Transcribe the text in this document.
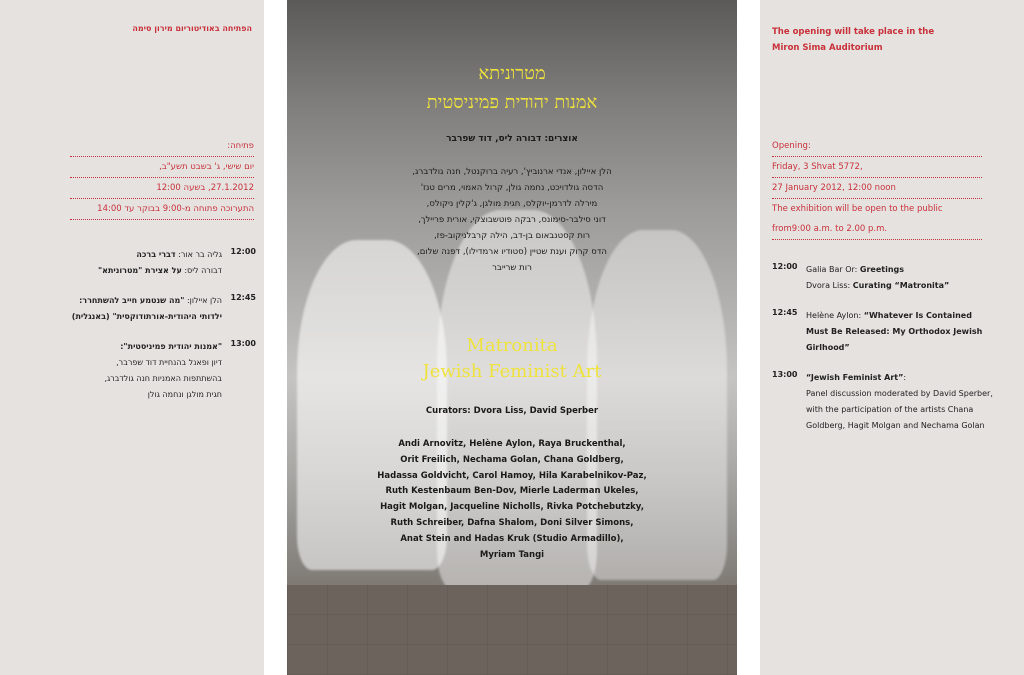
הפתיחה באודיטוריום מירון סימה
פתיחה:
יום שישי, ג' בשבט תשע"ב,
27.1.2012, בשעה 12:00
התערוכה פתוחה מ-9:00 בבוקר עד 14:00
12:00
גליה בר אור: דברי ברכה
דבורה ליס: על אצירת "מטרוניתא"
12:45
הלן איילון: "מה שנטמע חייב להשתחרר:
ילדותי היהודית-אורתודוקסית" (באנגלית)
13:00
"אמנות יהודית פמיניסטית":
דיון ופאנל בהנחיית דוד שפרבר,
בהשתתפות האמניות חנה גולדברג,
חגית מולגן ונחמה גולן
מטרוניתא
אמנות יהודית פמיניסטית
אוצרים: דבורה ליס, דוד שפרבר
הלן איילון, אנדי ארנוביץ', רעיה ברוקנטל, חנה גולדברג,
הדסה גולדויכט, נחמה גולן, קרול האמוי, מרים טנז'
מירלה לדרמן-יוקלס, חגית מולגן, ג'קלין ניקולס,
דוני סילבר-סימונס, רבקה פוטשבוצקי, אורית פריילך,
רות קסטנבאום בן-דב, הילה קרבלניקוב-פז,
הדס קרוק וענת שטיין (סטודיו ארמדילו), דפנה שלום,
רות שרייבר
Matronita
Jewish Feminist Art
Curators: Dvora Liss, David Sperber
Andi Arnovitz, Helène Aylon, Raya Bruckenthal,
Orit Freilich, Nechama Golan, Chana Goldberg,
Hadassa Goldvicht, Carol Hamoy, Hila Karabelnikov-Paz,
Ruth Kestenbaum Ben-Dov, Mierle Laderman Ukeles,
Hagit Molgan, Jacqueline Nicholls, Rivka Potchebutzky,
Ruth Schreiber, Dafna Shalom, Doni Silver Simons,
Anat Stein and Hadas Kruk (Studio Armadillo),
Myriam Tangi
The opening will take place in the
Miron Sima Auditorium
Opening:
Friday, 3 Shvat 5772,
27 January 2012, 12:00 noon
The exhibition will be open to the public
from9:00 a.m. to 2.00 p.m.
12:00	Galia Bar Or: Greetings
Dvora Liss: Curating “Matronita”
12:45	Helène Aylon: “Whatever Is Contained
Must Be Released: My Orthodox Jewish
Girlhood”
13:00	“Jewish Feminist Art”:
Panel discussion moderated by David Sperber,
with the participation of the artists Chana
Goldberg, Hagit Molgan and Nechama Golan
